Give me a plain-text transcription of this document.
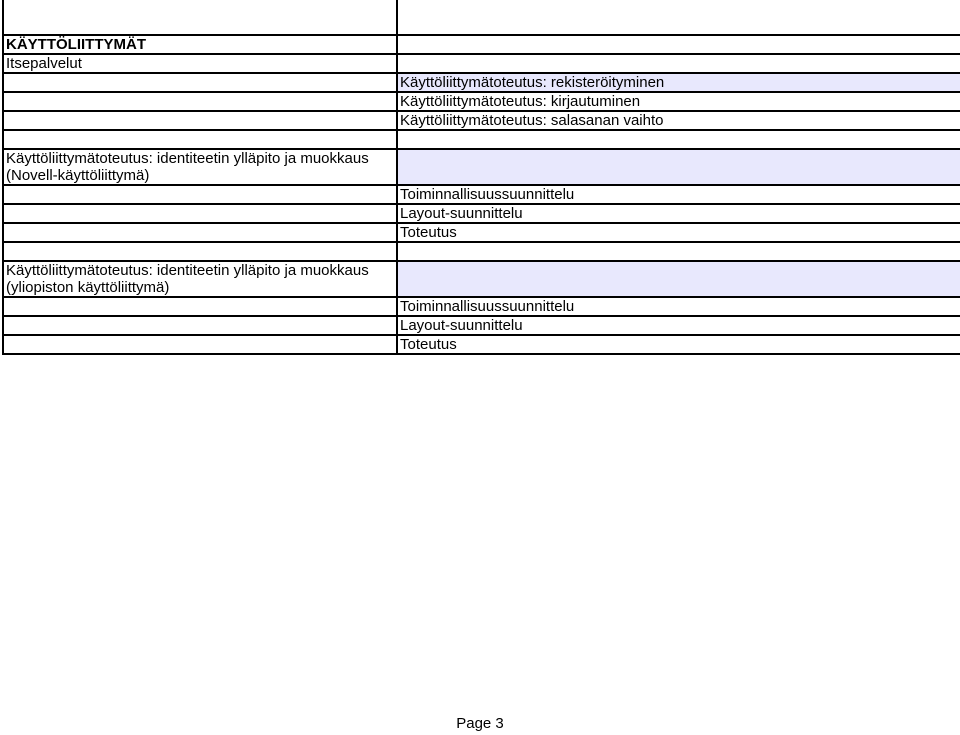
KÄYTTÖLIITTYMÄT	
Itsepalvelut	
	Käyttöliittymätoteutus: rekisteröityminen
	Käyttöliittymätoteutus: kirjautuminen
	Käyttöliittymätoteutus: salasanan vaihto

Käyttöliittymätoteutus: identiteetin ylläpito ja muokkaus
(Novell-käyttöliittymä)	
	Toiminnallisuussuunnittelu
	Layout-suunnittelu
	Toteutus

Käyttöliittymätoteutus: identiteetin ylläpito ja muokkaus
(yliopiston käyttöliittymä)	
	Toiminnallisuussuunnittelu
	Layout-suunnittelu
	Toteutus
Page 3
